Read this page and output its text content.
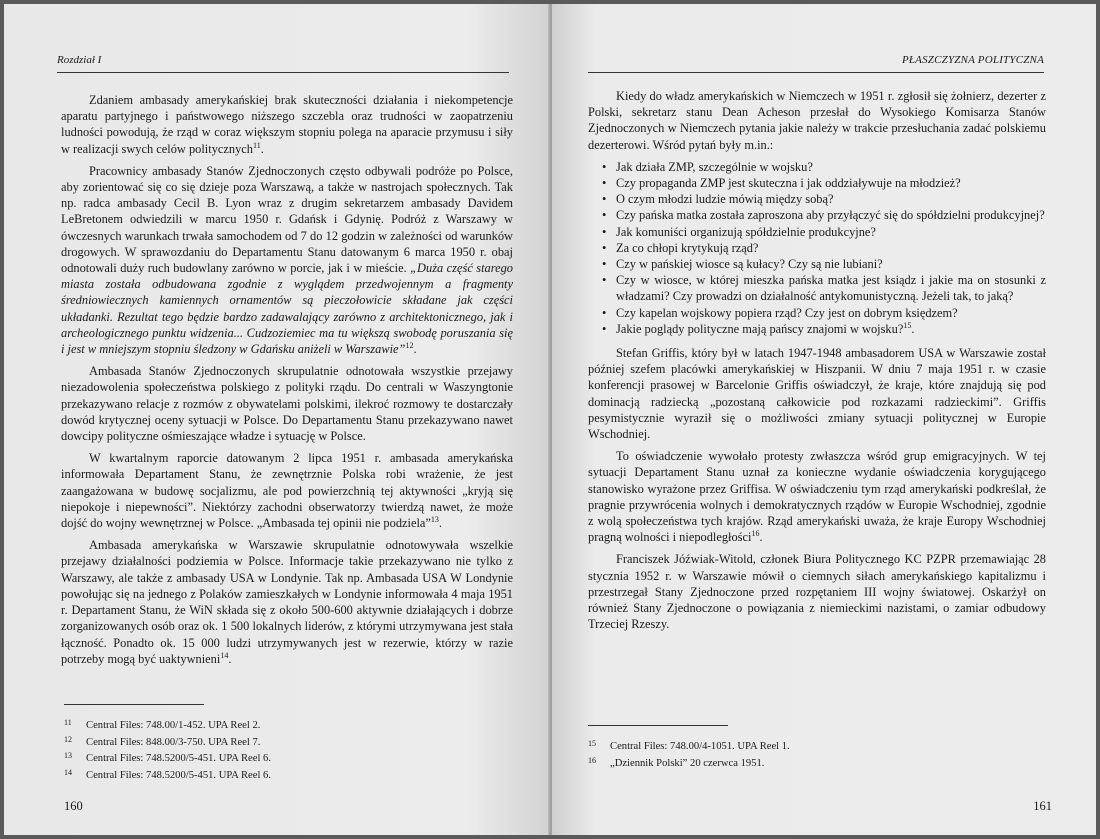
Rozdział I

Zdaniem ambasady amerykańskiej brak skuteczności działania i niekompetencje aparatu partyjnego i państwowego niższego szczebla oraz trudności w zaopatrzeniu ludności powodują, że rząd w coraz większym stopniu polega na aparacie przymusu i siły w realizacji swych celów politycznych$^{11}$.

Pracownicy ambasady Stanów Zjednoczonych często odbywali podróże po Polsce, aby zorientować się co się dzieje poza Warszawą, a także w nastrojach społecznych. Tak np. radca ambasady Cecil B. Lyon wraz z drugim sekretarzem ambasady Davidem LeBretonem odwiedzili w marcu 1950 r. Gdańsk i Gdynię. Podróż z Warszawy w ówczesnych warunkach trwała samochodem od 7 do 12 godzin w zależności od warunków drogowych. W sprawozdaniu do Departamentu Stanu datowanym 6 marca 1950 r. obaj odnotowali duży ruch budowlany zarówno w porcie, jak i w mieście. „Duża część starego miasta została odbudowana zgodnie z wyglądem przedwojennym a fragmenty średniowiecznych kamiennych ornamentów są pieczołowicie składane jak części układanki. Rezultat tego będzie bardzo zadawalający zarówno z architektonicznego, jak i archeologicznego punktu widzenia... Cudzoziemiec ma tu większą swobodę poruszania się i jest w mniejszym stopniu śledzony w Gdańsku aniżeli w Warszawie”$^{12}$.

Ambasada Stanów Zjednoczonych skrupulatnie odnotowała wszystkie przejawy niezadowolenia społeczeństwa polskiego z polityki rządu. Do centrali w Waszyngtonie przekazywano relacje z rozmów z obywatelami polskimi, ilekroć rozmowy te dostarczały dowód krytycznej oceny sytuacji w Polsce. Do Departamentu Stanu przekazywano nawet dowcipy polityczne ośmieszające władze i sytuację w Polsce.

W kwartalnym raporcie datowanym 2 lipca 1951 r. ambasada amerykańska informowała Departament Stanu, że zewnętrznie Polska robi wrażenie, że jest zaangażowana w budowę socjalizmu, ale pod powierzchnią tej aktywności „kryją się niepokoje i niepewności”. Niektórzy zachodni obserwatorzy twierdzą nawet, że może dojść do wojny wewnętrznej w Polsce. „Ambasada tej opinii nie podziela”$^{13}$.

Ambasada amerykańska w Warszawie skrupulatnie odnotowywała wszelkie przejawy działalności podziemia w Polsce. Informacje takie przekazywano nie tylko z Warszawy, ale także z ambasady USA w Londynie. Tak np. Ambasada USA W Londynie powołując się na jednego z Polaków zamieszkałych w Londynie informowała 4 maja 1951 r. Departament Stanu, że WiN składa się z około 500-600 aktywnie działających i dobrze zorganizowanych osób oraz ok. 1 500 lokalnych liderów, z którymi utrzymywana jest stała łączność. Ponadto ok. 15 000 ludzi utrzymywanych jest w rezerwie, którzy w razie potrzeby mogą być uaktywnieni$^{14}$.

11 Central Files: 748.00/1-452. UPA Reel 2.
12 Central Files: 848.00/3-750. UPA Reel 7.
13 Central Files: 748.5200/5-451. UPA Reel 6.
14 Central Files: 748.5200/5-451. UPA Reel 6.
160
PŁASZCZYZNA POLITYCZNA

Kiedy do władz amerykańskich w Niemczech w 1951 r. zgłosił się żołnierz, dezerter z Polski, sekretarz stanu Dean Acheson przesłał do Wysokiego Komisarza Stanów Zjednoczonych w Niemczech pytania jakie należy w trakcie przesłuchania zadać polskiemu dezerterowi. Wśród pytań były m.in.:

• Jak działa ZMP, szczególnie w wojsku?
• Czy propaganda ZMP jest skuteczna i jak oddziaływuje na młodzież?
• O czym młodzi ludzie mówią między sobą?
• Czy pańska matka została zaproszona aby przyłączyć się do spółdzielni produkcyjnej?
• Jak komuniści organizują spółdzielnie produkcyjne?
• Za co chłopi krytykują rząd?
• Czy w pańskiej wiosce są kułacy? Czy są nie lubiani?
• Czy w wiosce, w której mieszka pańska matka jest ksiądz i jakie ma on stosunki z władzami? Czy prowadzi on działalność antykomunistyczną. Jeżeli tak, to jaką?
• Czy kapelan wojskowy popiera rząd? Czy jest on dobrym księdzem?
• Jakie poglądy polityczne mają pańscy znajomi w wojsku?$^{15}$.

Stefan Griffis, który był w latach 1947-1948 ambasadorem USA w Warszawie został później szefem placówki amerykańskiej w Hiszpanii. W dniu 7 maja 1951 r. w czasie konferencji prasowej w Barcelonie Griffis oświadczył, że kraje, które znajdują się pod dominacją radziecką „pozostaną całkowicie pod rozkazami radzieckimi”. Griffis pesymistycznie wyraził się o możliwości zmiany sytuacji politycznej w Europie Wschodniej.

To oświadczenie wywołało protesty zwłaszcza wśród grup emigracyjnych. W tej sytuacji Departament Stanu uznał za konieczne wydanie oświadczenia korygującego stanowisko wyrażone przez Griffisa. W oświadczeniu tym rząd amerykański podkreślał, że pragnie przywrócenia wolnych i demokratycznych rządów w Europie Wschodniej, zgodnie z wolą społeczeństwa tych krajów. Rząd amerykański uważa, że kraje Europy Wschodniej pragną wolności i niepodległości$^{16}$.

Franciszek Jóźwiak-Witold, członek Biura Politycznego KC PZPR przemawiając 28 stycznia 1952 r. w Warszawie mówił o ciemnych siłach amerykańskiego kapitalizmu i przestrzegał Stany Zjednoczone przed rozpętaniem III wojny światowej. Oskarżył on również Stany Zjednoczone o powiązania z niemieckimi nazistami, o zamiar odbudowy Trzeciej Rzeszy.

15 Central Files: 748.00/4-1051. UPA Reel 1.
16 „Dziennik Polski” 20 czerwca 1951.
161
